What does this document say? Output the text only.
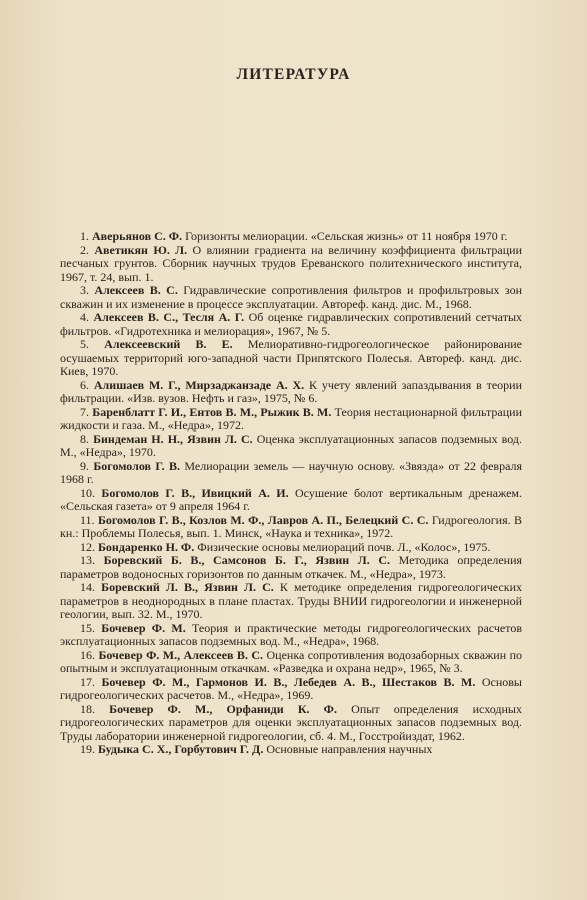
ЛИТЕРАТУРА

1. Аверьянов С. Ф. Горизонты мелиорации. «Сельская жизнь» от 11 ноября 1970 г.

2. Аветикян Ю. Л. О влиянии градиента на величину коэффициента фильтрации песчаных грунтов. Сборник научных трудов Ереванского политехнического института, 1967, т. 24, вып. 1.

3. Алексеев В. С. Гидравлические сопротивления фильтров и профильтровых зон скважин и их изменение в процессе эксплуатации. Автореф. канд. дис. М., 1968.

4. Алексеев В. С., Тесля А. Г. Об оценке гидравлических сопротивлений сетчатых фильтров. «Гидротехника и мелиорация», 1967, № 5.

5. Алексеевский В. Е. Мелиоративно-гидрогеологическое районирование осушаемых территорий юго-западной части Припятского Полесья. Автореф. канд. дис. Киев, 1970.

6. Алишаев М. Г., Мирзаджанзаде А. Х. К учету явлений запаздывания в теории фильтрации. «Изв. вузов. Нефть и газ», 1975, № 6.

7. Баренблатт Г. И., Ентов В. М., Рыжик В. М. Теория нестационарной фильтрации жидкости и газа. М., «Недра», 1972.

8. Биндеман Н. Н., Язвин Л. С. Оценка эксплуатационных запасов подземных вод. М., «Недра», 1970.

9. Богомолов Г. В. Мелиорации земель — научную основу. «Звязда» от 22 февраля 1968 г.

10. Богомолов Г. В., Ивицкий А. И. Осушение болот вертикальным дренажем. «Сельская газета» от 9 апреля 1964 г.

11. Богомолов Г. В., Козлов М. Ф., Лавров А. П., Белецкий С. С. Гидрогеология. В кн.: Проблемы Полесья, вып. 1. Минск, «Наука и техника», 1972.

12. Бондаренко Н. Ф. Физические основы мелиораций почв. Л., «Колос», 1975.

13. Боревский Б. В., Самсонов Б. Г., Язвин Л. С. Методика определения параметров водоносных горизонтов по данным откачек. М., «Недра», 1973.

14. Боревский Л. В., Язвин Л. С. К методике определения гидрогеологических параметров в неоднородных в плане пластах. Труды ВНИИ гидрогеологии и инженерной геологии, вып. 32. М., 1970.

15. Бочевер Ф. М. Теория и практические методы гидрогеологических расчетов эксплуатационных запасов подземных вод. М., «Недра», 1968.

16. Бочевер Ф. М., Алексеев В. С. Оценка сопротивления водозаборных скважин по опытным и эксплуатационным откачкам. «Разведка и охрана недр», 1965, № 3.

17. Бочевер Ф. М., Гармонов И. В., Лебедев А. В., Шестаков В. М. Основы гидрогеологических расчетов. М., «Недра», 1969.

18. Бочевер Ф. М., Орфаниди К. Ф. Опыт определения исходных гидрогеологических параметров для оценки эксплуатационных запасов подземных вод. Труды лаборатории инженерной гидрогеологии, сб. 4. М., Госстройиздат, 1962.

19. Будыка С. Х., Горбутович Г. Д. Основные направления научных
